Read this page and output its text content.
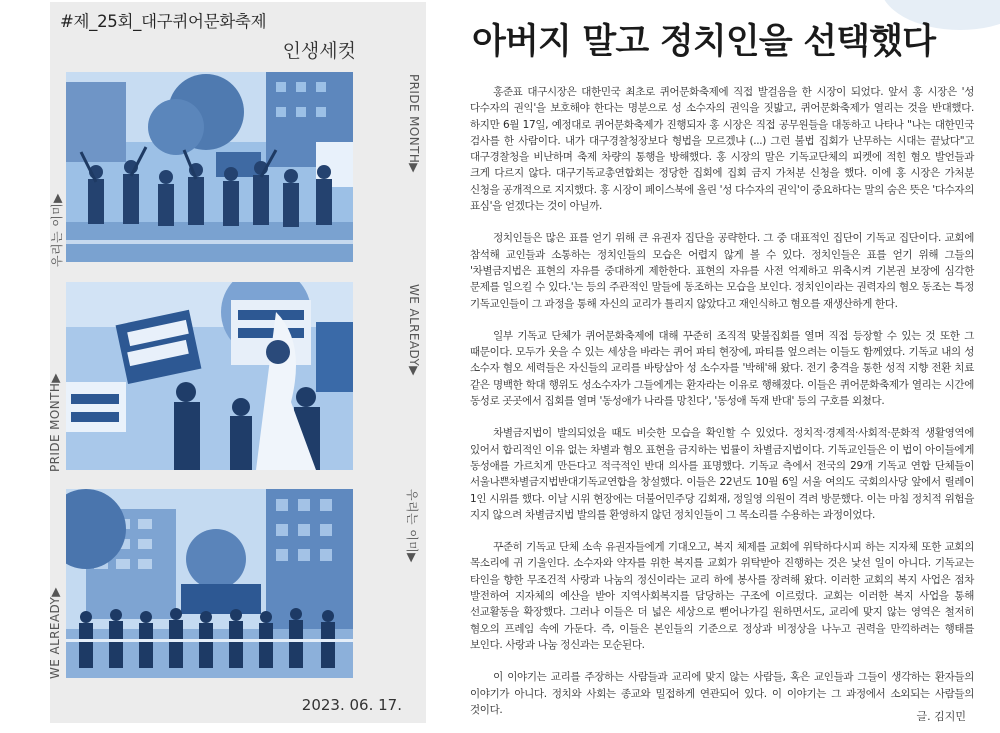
#제_25회_대구퀴어문화축제
인생세컷
PRIDE MONTH▶
WE ALREADY▶
우리는 이미▶
우리는 이미▶
PRIDE MONTH▶
WE ALREADY▶
2023. 06. 17.
아버지 말고 정치인을 선택했다

홍준표 대구시장은 대한민국 최초로 퀴어문화축제에 직접 발걸음을 한 시장이 되었다. 앞서 홍 시장은 '성 다수자의 권익'을 보호해야 한다는 명분으로 성 소수자의 권익을 짓밟고, 퀴어문화축제가 열리는 것을 반대했다. 하지만 6월 17일, 예정대로 퀴어문화축제가 진행되자 홍 시장은 직접 공무원들을 대동하고 나타나 "나는 대한민국 검사를 한 사람이다. 내가 대구경찰청장보다 형법을 모르겠냐 (...) 그런 불법 집회가 난무하는 시대는 끝났다"고 대구경찰청을 비난하며 축제 차량의 통행을 방해했다. 홍 시장의 말은 기독교단체의 피켓에 적힌 혐오 발언들과 크게 다르지 않다. 대구기독교총연합회는 정당한 집회에 집회 금지 가처분 신청을 했다. 이에 홍 시장은 가처분 신청을 공개적으로 지지했다. 홍 시장이 페이스북에 올린 '성 다수자의 권익'이 중요하다는 말의 숨은 뜻은 '다수자의 표심'을 얻겠다는 것이 아닐까.

정치인들은 많은 표를 얻기 위해 큰 유권자 집단을 공략한다. 그 중 대표적인 집단이 기독교 집단이다. 교회에 참석해 교인들과 소통하는 정치인들의 모습은 어렵지 않게 볼 수 있다. 정치인들은 표를 얻기 위해 그들의 '차별금지법은 표현의 자유를 중대하게 제한한다. 표현의 자유를 사전 억제하고 위축시켜 기본권 보장에 심각한 문제를 일으킬 수 있다.'는 등의 주관적인 말들에 동조하는 모습을 보인다. 정치인이라는 권력자의 혐오 동조는 특정 기독교인들이 그 과정을 통해 자신의 교리가 틀리지 않았다고 재인식하고 혐오를 재생산하게 한다.

일부 기독교 단체가 퀴어문화축제에 대해 꾸준히 조직적 맞불집회를 열며 직접 등장할 수 있는 것 또한 그 때문이다. 모두가 웃을 수 있는 세상을 바라는 퀴어 파티 현장에, 파티를 엎으려는 이들도 함께였다. 기독교 내의 성 소수자 혐오 세력들은 자신들의 교리를 바탕삼아 성 소수자를 '박해'해 왔다. 전기 충격을 통한 성적 지향 전환 치료 같은 명백한 학대 행위도 성소수자가 그들에게는 환자라는 이유로 행해졌다. 이들은 퀴어문화축제가 열리는 시간에 동성로 곳곳에서 집회를 열며 '동성애가 나라를 망친다', '동성애 독재 반대' 등의 구호를 외쳤다.

차별금지법이 발의되었을 때도 비슷한 모습을 확인할 수 있었다. 정치적·경제적·사회적·문화적 생활영역에 있어서 합리적인 이유 없는 차별과 혐오 표현을 금지하는 법률이 차별금지법이다. 기독교인들은 이 법이 아이들에게 동성애를 가르치게 만든다고 적극적인 반대 의사를 표명했다. 기독교 측에서 전국의 29개 기독교 연합 단체들이 서울나쁜차별금지법반대기독교연합을 창설했다. 이들은 22년도 10월 6일 서울 여의도 국회의사당 앞에서 릴레이 1인 시위를 했다. 이날 시위 현장에는 더불어민주당 김회재, 정일영 의원이 격려 방문했다. 이는 마침 정치적 위험을 지지 않으려 차별금지법 발의를 환영하지 않던 정치인들이 그 목소리를 수용하는 과정이었다.

꾸준히 기독교 단체 소속 유권자들에게 기대오고, 복지 체제를 교회에 위탁하다시피 하는 지자체 또한 교회의 목소리에 귀 기울인다. 소수자와 약자를 위한 복지를 교회가 위탁받아 진행하는 것은 낯선 일이 아니다. 기독교는 타인을 향한 무조건적 사랑과 나눔의 정신이라는 교리 하에 봉사를 장려해 왔다. 이러한 교회의 복지 사업은 점차 발전하여 지자체의 예산을 받아 지역사회복지를 담당하는 구조에 이르렀다. 교회는 이러한 복지 사업을 통해 선교활동을 확장했다. 그러나 이들은 더 넓은 세상으로 뻗어나가길 원하면서도, 교리에 맞지 않는 영역은 철저히 혐오의 프레임 속에 가둔다. 즉, 이들은 본인들의 기준으로 정상과 비정상을 나누고 권력을 만끽하려는 행태를 보인다. 사랑과 나눔 정신과는 모순된다.

이 이야기는 교리를 주장하는 사람들과 교리에 맞지 않는 사람들, 혹은 교인들과 그들이 생각하는 환자들의 이야기가 아니다. 정치와 사회는 종교와 밀접하게 연관되어 있다. 이 이야기는 그 과정에서 소외되는 사람들의 것이다.

글. 김지민
